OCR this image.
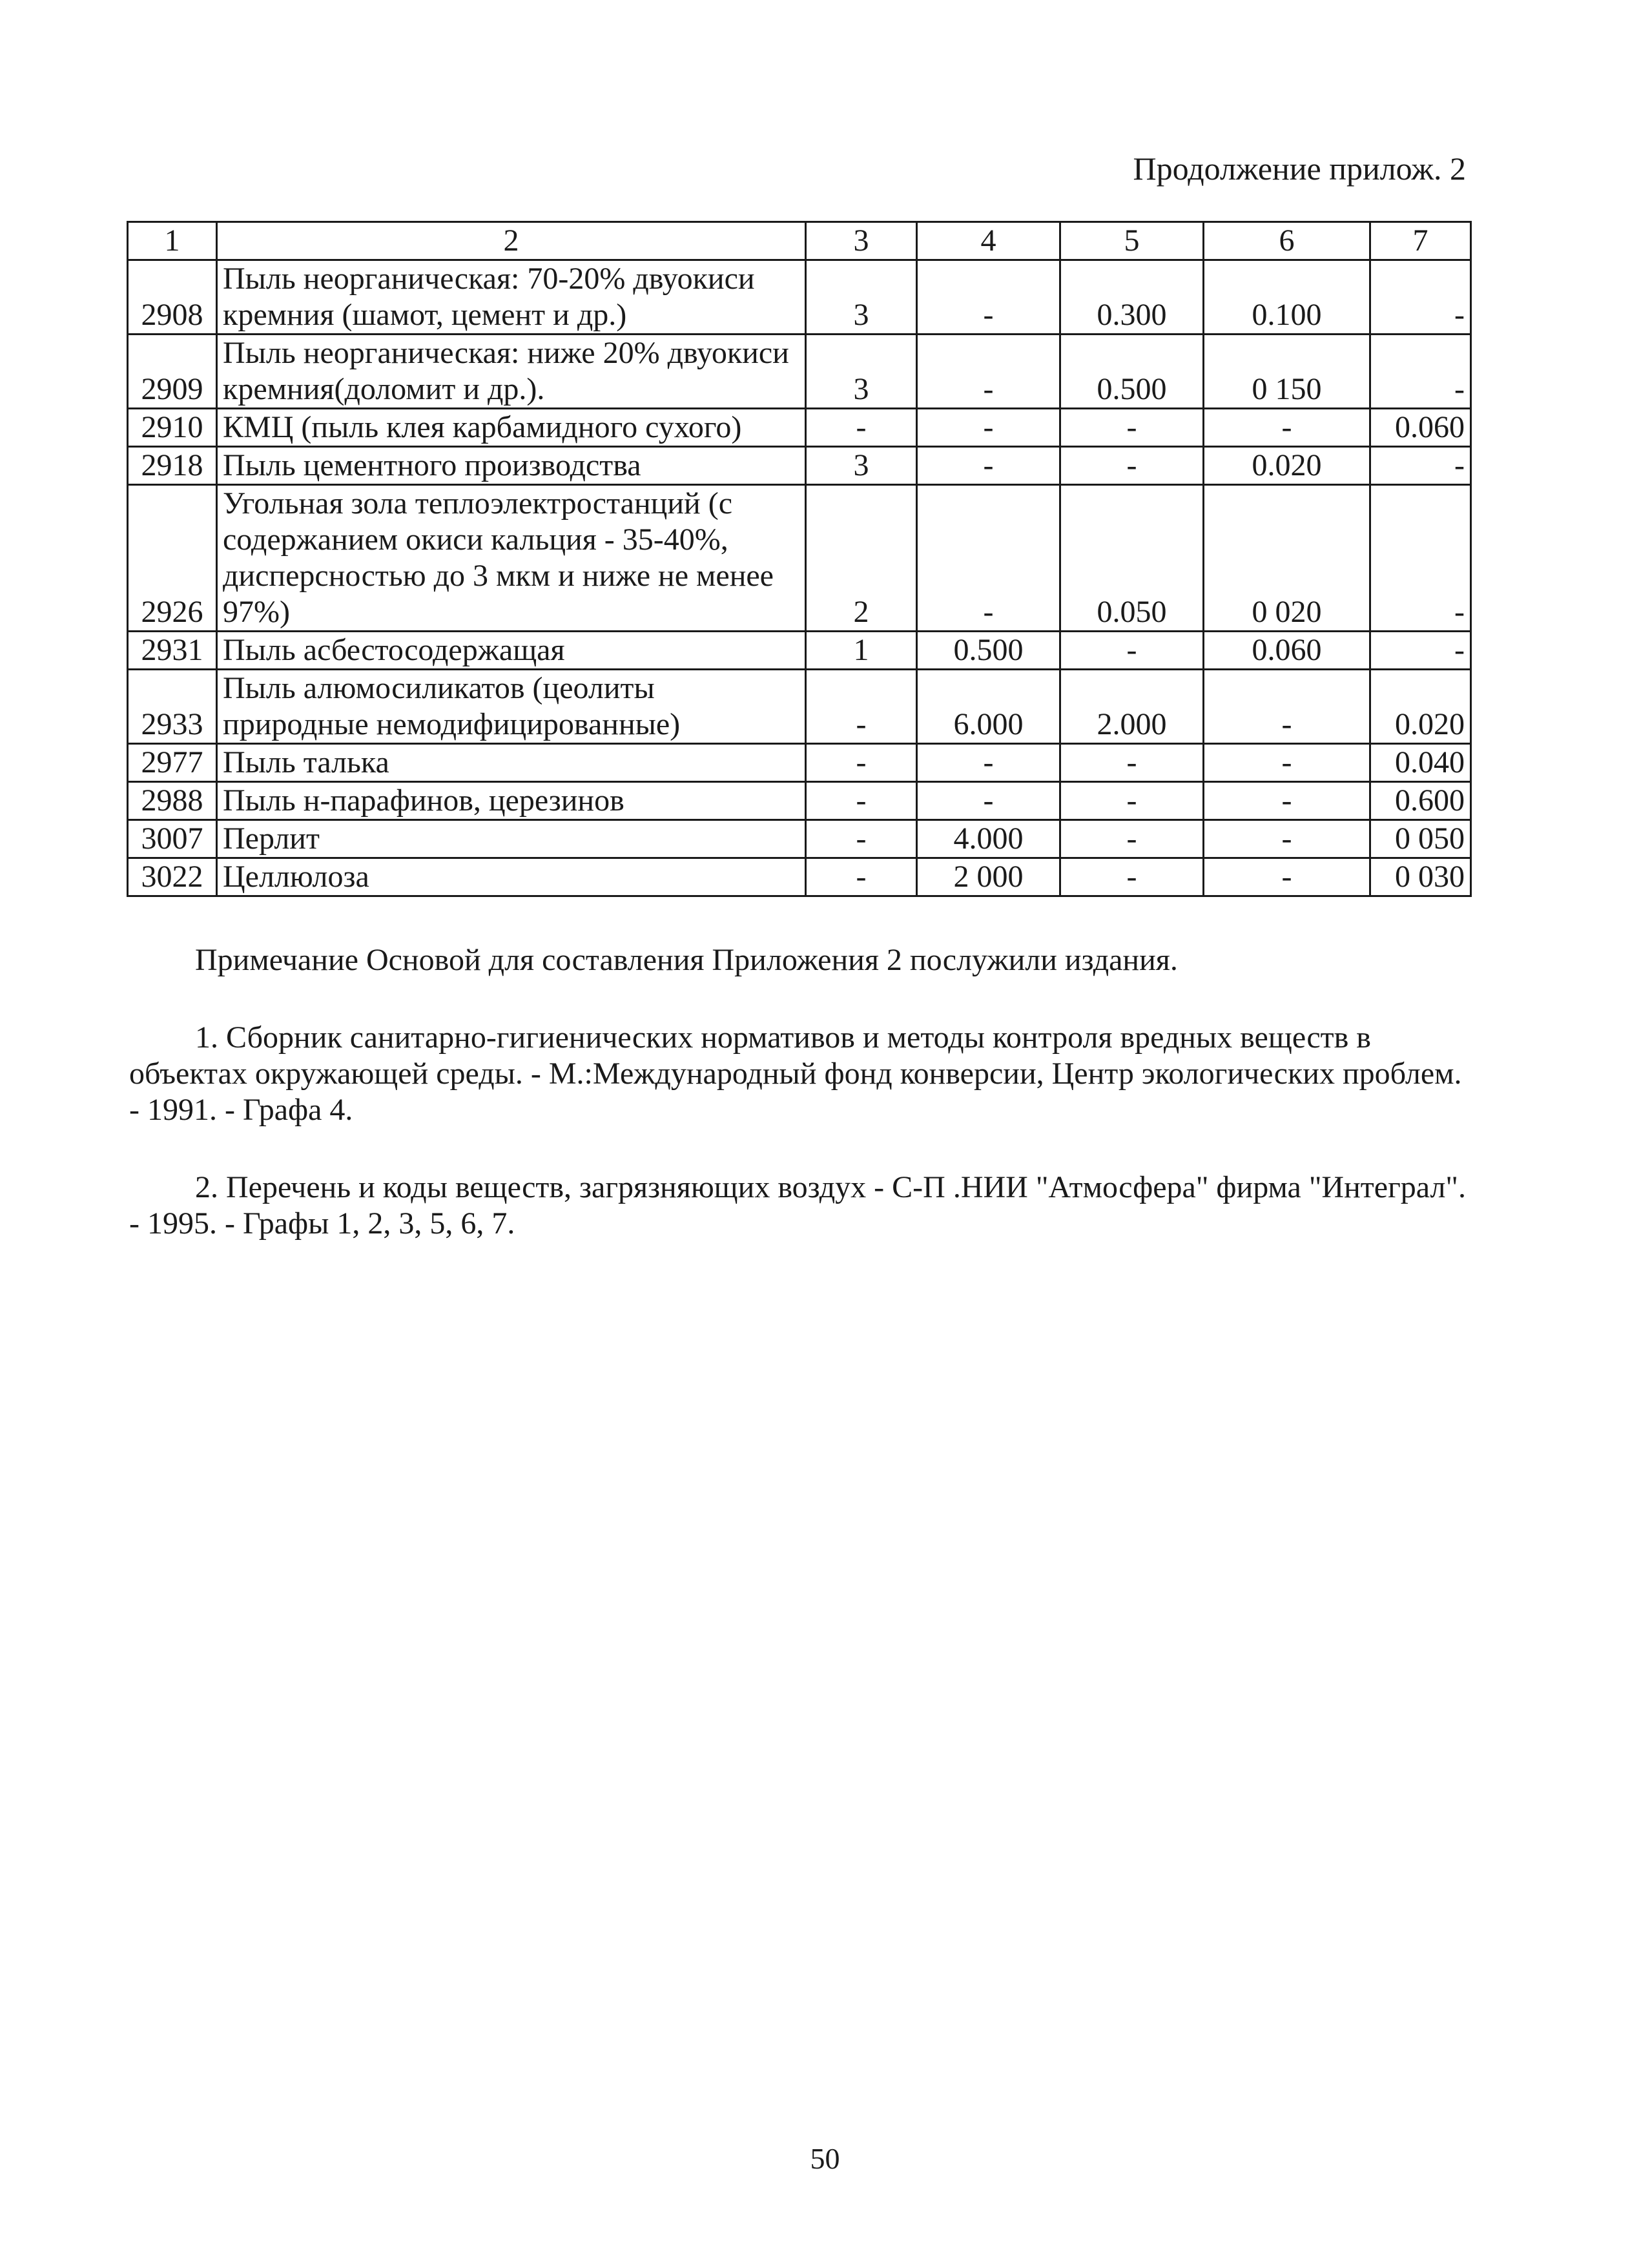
Продолжение прилож. 2
1	2	3	4	5	6	7
2908	Пыль неорганическая: 70-20% двуокиси кремния (шамот, цемент и др.)	3	-	0.300	0.100	-
2909	Пыль неорганическая: ниже 20% двуокиси кремния(доломит и др.).	3	-	0.500	0 150	-
2910	КМЦ (пыль клея карбамидного сухого)	-	-	-	-	0.060
2918	Пыль цементного производства	3	-	-	0.020	-
2926	Угольная зола теплоэлектростанций (с содержанием окиси кальция - 35-40%, дисперсностью до 3 мкм и ниже не менее 97%)	2	-	0.050	0 020	-
2931	Пыль асбестосодержащая	1	0.500	-	0.060	-
2933	Пыль алюмосиликатов (цеолиты природные немодифицированные)	-	6.000	2.000	-	0.020
2977	Пыль талька	-	-	-	-	0.040
2988	Пыль н-парафинов, церезинов	-	-	-	-	0.600
3007	Перлит	-	4.000	-	-	0 050
3022	Целлюлоза	-	2 000	-	-	0 030

Примечание Основой для составления Приложения 2 послужили издания.

1. Сборник санитарно-гигиенических нормативов и методы контроля вредных веществ в объектах окружающей среды. - М.:Международный фонд конверсии, Центр экологических проблем. - 1991. - Графа 4.

2. Перечень и коды веществ, загрязняющих воздух - С-П .НИИ "Атмосфера" фирма "Интеграл". - 1995. - Графы 1, 2, 3, 5, 6, 7.

50
